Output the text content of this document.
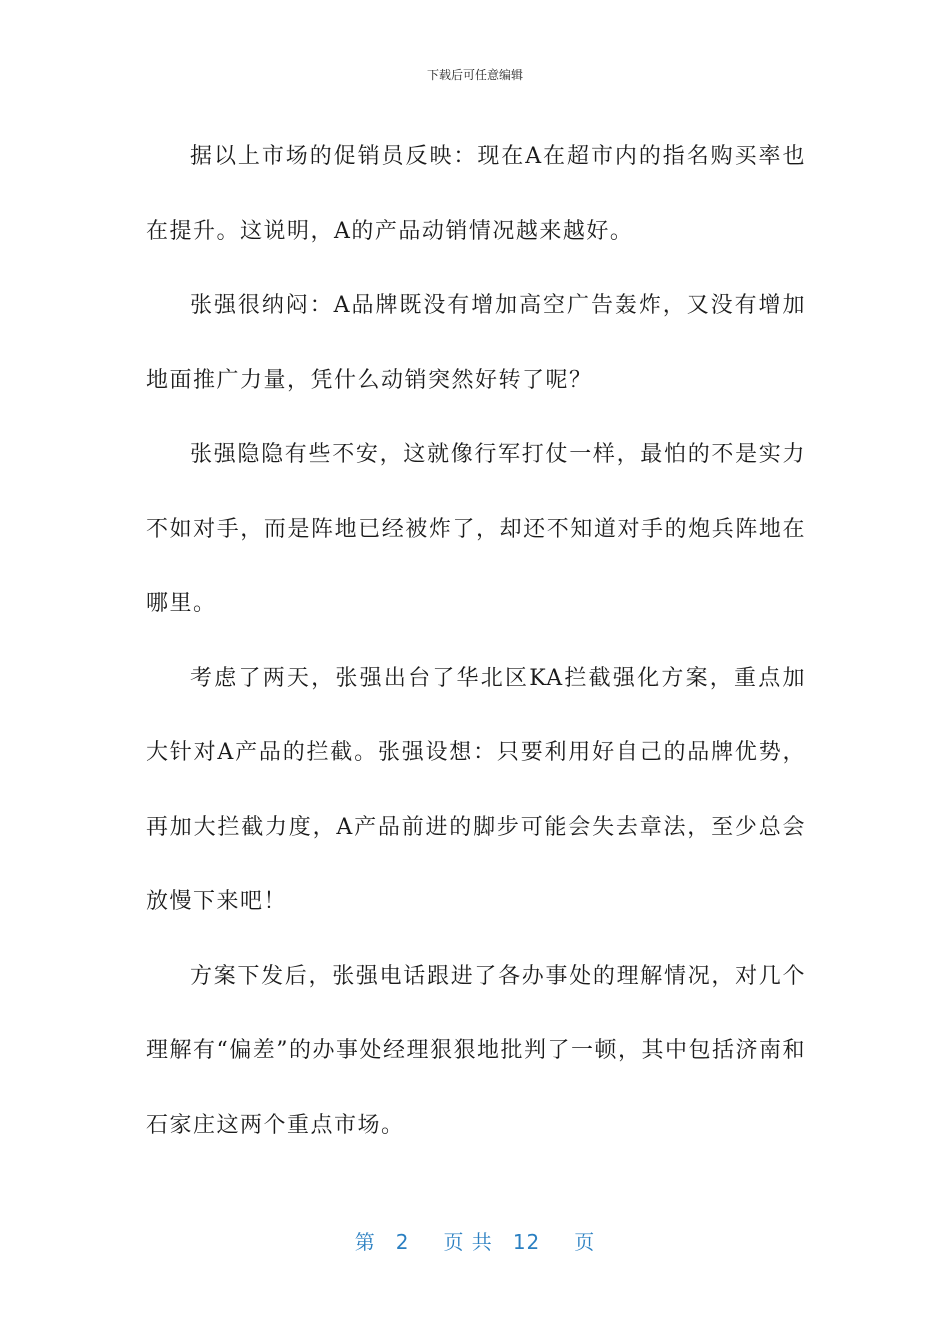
下载后可任意编辑

据以上市场的促销员反映：现在A在超市内的指名购买率也在提升。这说明，A的产品动销情况越来越好。

张强很纳闷：A品牌既没有增加高空广告轰炸，又没有增加地面推广力量，凭什么动销突然好转了呢？

张强隐隐有些不安，这就像行军打仗一样，最怕的不是实力不如对手，而是阵地已经被炸了，却还不知道对手的炮兵阵地在哪里。

考虑了两天，张强出台了华北区KA拦截强化方案，重点加大针对A产品的拦截。张强设想：只要利用好自己的品牌优势，再加大拦截力度，A产品前进的脚步可能会失去章法，至少总会放慢下来吧！

方案下发后，张强电话跟进了各办事处的理解情况，对几个理解有“偏差”的办事处经理狠狠地批判了一顿，其中包括济南和石家庄这两个重点市场。

第 2 页 共 12 页
